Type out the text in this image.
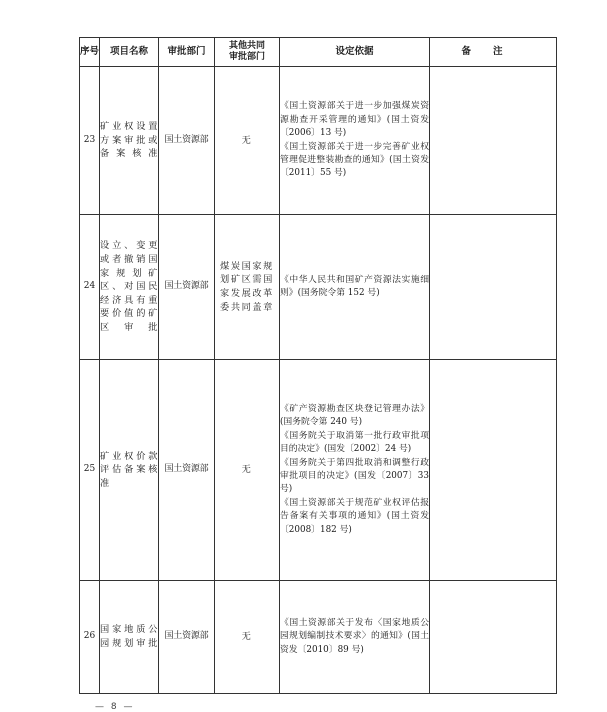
序号	项目名称	审批部门	其他共同
审批部门	设定依据	备注
23	矿业权设置方案审批或备案核准	国土资源部	无	《国土资源部关于进一步加强煤炭资源勘查开采管理的通知》(国土资发〔2006〕13 号)
《国土资源部关于进一步完善矿业权管理促进整装勘查的通知》(国土资发〔2011〕55 号)	

24	设立、变更或者撤销国家规划矿区、对国民经济具有重要价值的矿区审批	国土资源部	煤炭国家规划矿区需国家发展改革委共同盖章	《中华人民共和国矿产资源法实施细则》(国务院令第 152 号)	

25	矿业权价款评估备案核准	国土资源部	无	《矿产资源勘查区块登记管理办法》(国务院令第 240 号)
《国务院关于取消第一批行政审批项目的决定》(国发〔2002〕24 号)
《国务院关于第四批取消和调整行政审批项目的决定》(国发〔2007〕33 号)
《国土资源部关于规范矿业权评估报告备案有关事项的通知》(国土资发〔2008〕182 号)	

26	国家地质公园规划审批	国土资源部	无	《国土资源部关于发布〈国家地质公园规划编制技术要求〉的通知》(国土资发〔2010〕89 号)	

— 8 —
